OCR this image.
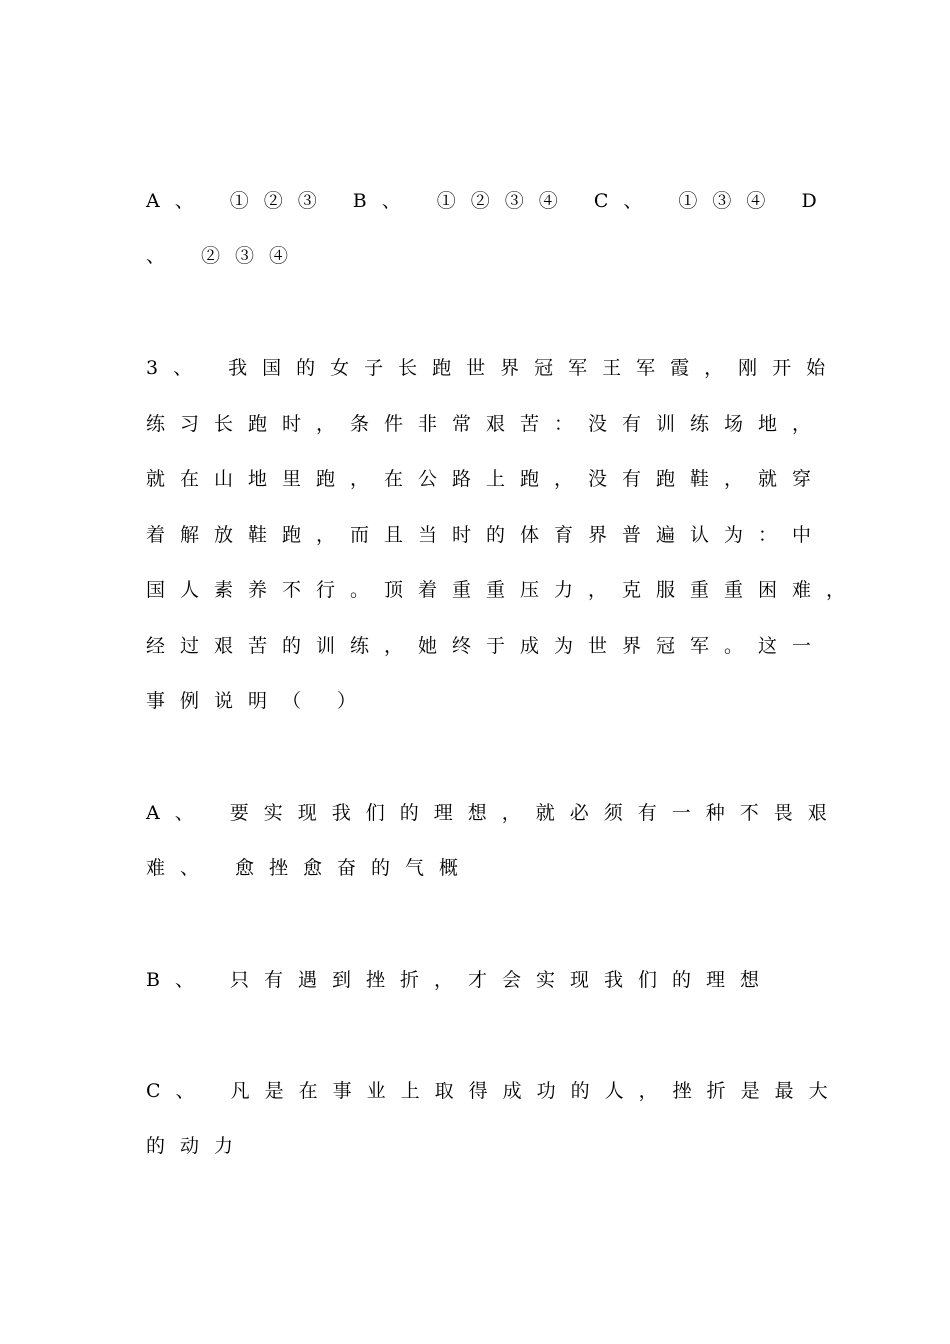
A、 ①②③ B、 ①②③④ C、 ①③④ D

、 ②③④

3、 我国的女子长跑世界冠军王军霞，刚开始

练习长跑时，条件非常艰苦：没有训练场地，

就在山地里跑，在公路上跑，没有跑鞋，就穿

着解放鞋跑，而且当时的体育界普遍认为：中

国人素养不行。顶着重重压力，克服重重困难，

经过艰苦的训练，她终于成为世界冠军。这一

事例说明（ ）

A、 要实现我们的理想，就必须有一种不畏艰

难、 愈挫愈奋的气概

B、 只有遇到挫折，才会实现我们的理想

C、 凡是在事业上取得成功的人，挫折是最大

的动力
